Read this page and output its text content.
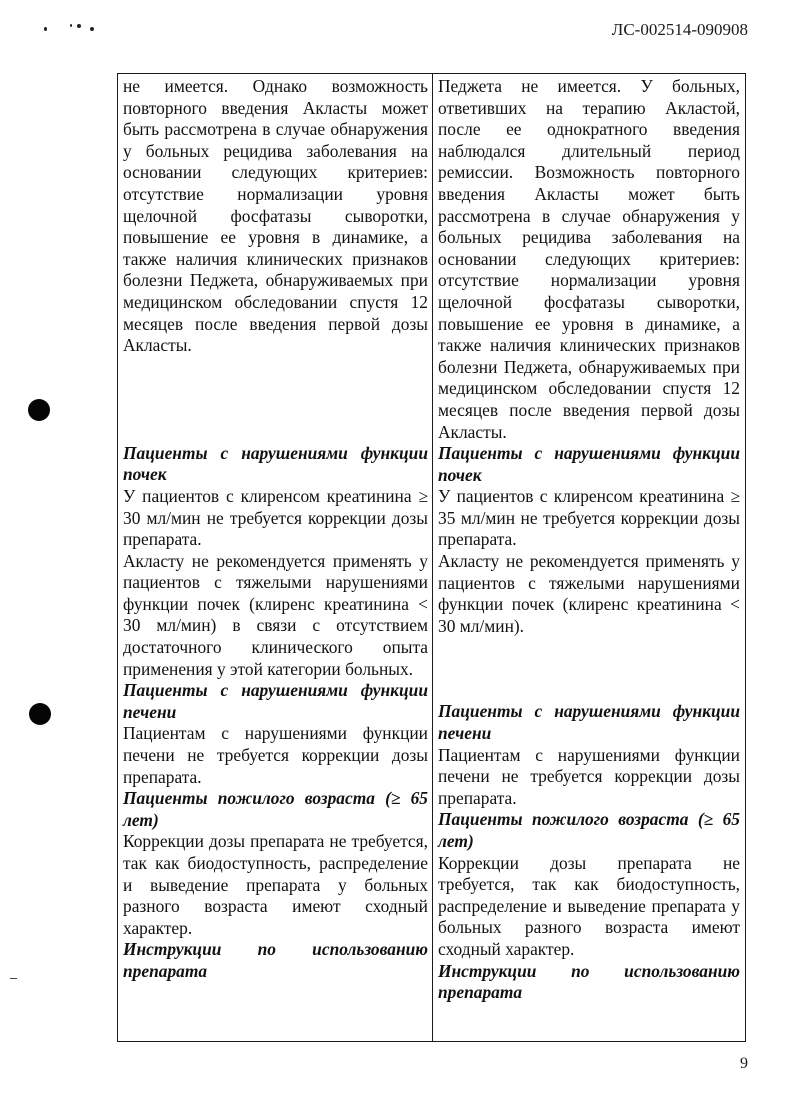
ЛС-002514-090908

не имеется. Однако возможность повторного введения Акласты может быть рассмотрена в случае обнаружения у больных рецидива заболевания на основании следующих критериев: отсутствие нормализации уровня щелочной фосфатазы сыворотки, повышение ее уровня в динамике, а также наличия клинических признаков болезни Педжета, обнаруживаемых при медицинском обследовании спустя 12 месяцев после введения первой дозы Акласты.

Пациенты с нарушениями функции почек

У пациентов с клиренсом креатинина ≥ 30 мл/мин не требуется коррекции дозы препарата.

Акласту не рекомендуется применять у пациентов с тяжелыми нарушениями функции почек (клиренс креатинина < 30 мл/мин) в связи с отсутствием достаточного клинического опыта применения у этой категории больных.

Пациенты с нарушениями функции печени

Пациентам с нарушениями функции печени не требуется коррекции дозы препарата.

Пациенты пожилого возраста (≥ 65 лет)

Коррекции дозы препарата не требуется, так как биодоступность, распределение и выведение препарата у больных разного возраста имеют сходный характер.

Инструкции по использованию препарата

Педжета не имеется. У больных, ответивших на терапию Акластой, после ее однократного введения наблюдался длительный период ремиссии. Возможность повторного введения Акласты может быть рассмотрена в случае обнаружения у больных рецидива заболевания на основании следующих критериев: отсутствие нормализации уровня щелочной фосфатазы сыворотки, повышение ее уровня в динамике, а также наличия клинических признаков болезни Педжета, обнаруживаемых при медицинском обследовании спустя 12 месяцев после введения первой дозы Акласты.

Пациенты с нарушениями функции почек

У пациентов с клиренсом креатинина ≥ 35 мл/мин не требуется коррекции дозы препарата.

Акласту не рекомендуется применять у пациентов с тяжелыми нарушениями функции почек (клиренс креатинина < 30 мл/мин).

Пациенты с нарушениями функции печени

Пациентам с нарушениями функции печени не требуется коррекции дозы препарата.

Пациенты пожилого возраста (≥ 65 лет)

Коррекции дозы препарата не требуется, так как биодоступность, распределение и выведение препарата у больных разного возраста имеют сходный характер.

Инструкции по использованию препарата

9
